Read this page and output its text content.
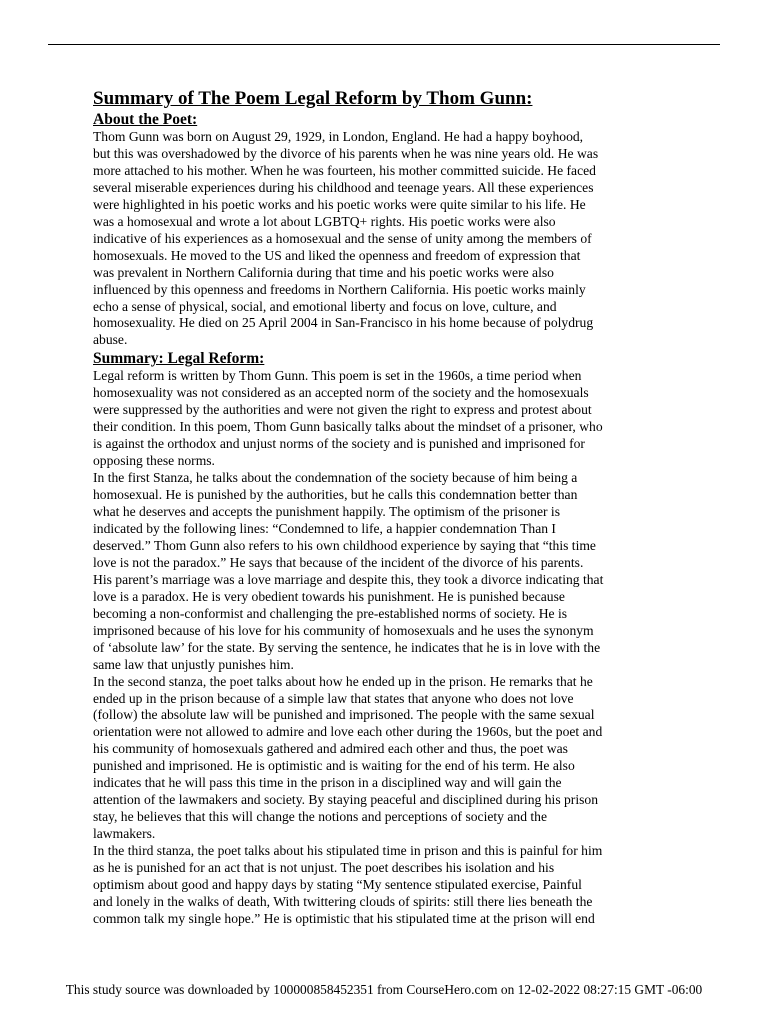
Summary of The Poem Legal Reform by Thom Gunn:
About the Poet:

Thom Gunn was born on August 29, 1929, in London, England. He had a happy boyhood,
but this was overshadowed by the divorce of his parents when he was nine years old. He was
more attached to his mother. When he was fourteen, his mother committed suicide. He faced
several miserable experiences during his childhood and teenage years. All these experiences
were highlighted in his poetic works and his poetic works were quite similar to his life. He
was a homosexual and wrote a lot about LGBTQ+ rights. His poetic works were also
indicative of his experiences as a homosexual and the sense of unity among the members of
homosexuals. He moved to the US and liked the openness and freedom of expression that
was prevalent in Northern California during that time and his poetic works were also
influenced by this openness and freedoms in Northern California. His poetic works mainly
echo a sense of physical, social, and emotional liberty and focus on love, culture, and
homosexuality. He died on 25 April 2004 in San-Francisco in his home because of polydrug
abuse.

Summary: Legal Reform:

Legal reform is written by Thom Gunn. This poem is set in the 1960s, a time period when
homosexuality was not considered as an accepted norm of the society and the homosexuals
were suppressed by the authorities and were not given the right to express and protest about
their condition. In this poem, Thom Gunn basically talks about the mindset of a prisoner, who
is against the orthodox and unjust norms of the society and is punished and imprisoned for
opposing these norms.

In the first Stanza, he talks about the condemnation of the society because of him being a
homosexual. He is punished by the authorities, but he calls this condemnation better than
what he deserves and accepts the punishment happily. The optimism of the prisoner is
indicated by the following lines: “Condemned to life, a happier condemnation Than I
deserved.” Thom Gunn also refers to his own childhood experience by saying that “this time
love is not the paradox.” He says that because of the incident of the divorce of his parents.
His parent’s marriage was a love marriage and despite this, they took a divorce indicating that
love is a paradox. He is very obedient towards his punishment. He is punished because
becoming a non-conformist and challenging the pre-established norms of society. He is
imprisoned because of his love for his community of homosexuals and he uses the synonym
of ‘absolute law’ for the state. By serving the sentence, he indicates that he is in love with the
same law that unjustly punishes him.

In the second stanza, the poet talks about how he ended up in the prison. He remarks that he
ended up in the prison because of a simple law that states that anyone who does not love
(follow) the absolute law will be punished and imprisoned. The people with the same sexual
orientation were not allowed to admire and love each other during the 1960s, but the poet and
his community of homosexuals gathered and admired each other and thus, the poet was
punished and imprisoned. He is optimistic and is waiting for the end of his term. He also
indicates that he will pass this time in the prison in a disciplined way and will gain the
attention of the lawmakers and society. By staying peaceful and disciplined during his prison
stay, he believes that this will change the notions and perceptions of society and the
lawmakers.

In the third stanza, the poet talks about his stipulated time in prison and this is painful for him
as he is punished for an act that is not unjust. The poet describes his isolation and his
optimism about good and happy days by stating “My sentence stipulated exercise, Painful
and lonely in the walks of death, With twittering clouds of spirits: still there lies beneath the
common talk my single hope.” He is optimistic that his stipulated time at the prison will end

This study source was downloaded by 100000858452351 from CourseHero.com on 12-02-2022 08:27:15 GMT -06:00
